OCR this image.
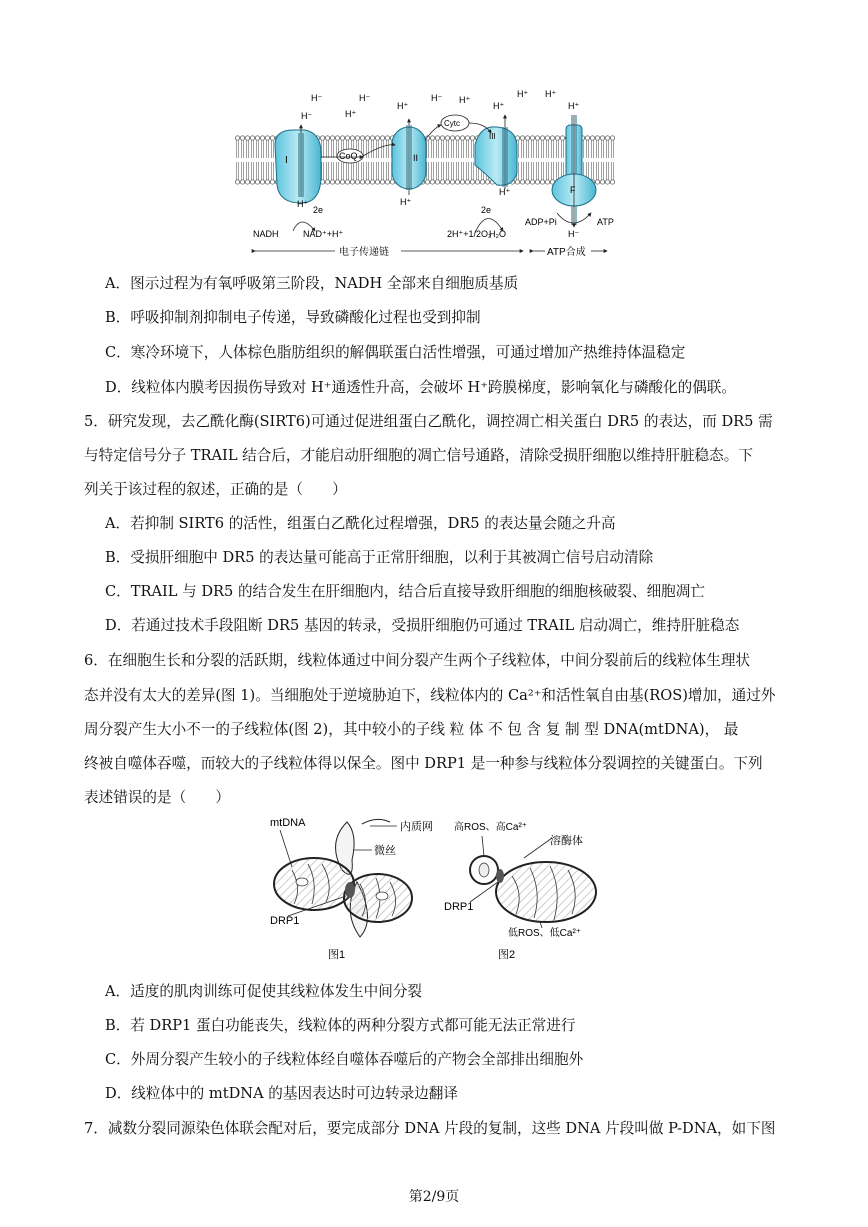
I	CoQ	II
Cytc
III
F
H⁻	H⁻
H⁺
H⁻
H⁺
H⁻ H⁺
H⁺
H⁺ H⁺
H⁺
H⁺	H⁺
H⁺
H⁻
2e	2e
NADH	NAD⁺+H⁺	2H⁺+1/2O₂
H₂O
ADP+Pi	ATP
电子传递链	ATP合成
A．图示过程为有氧呼吸第三阶段，NADH 全部来自细胞质基质
B．呼吸抑制剂抑制电子传递，导致磷酸化过程也受到抑制
C．寒冷环境下，人体棕色脂肪组织的解偶联蛋白活性增强，可通过增加产热维持体温稳定
D．线粒体内膜考因损伤导致对 H⁺通透性升高，会破坏 H⁺跨膜梯度，影响氧化与磷酸化的偶联。
5．研究发现，去乙酰化酶(SIRT6)可通过促进组蛋白乙酰化，调控凋亡相关蛋白 DR5 的表达，而 DR5 需
与特定信号分子 TRAIL 结合后，才能启动肝细胞的凋亡信号通路，清除受损肝细胞以维持肝脏稳态。下
列关于该过程的叙述，正确的是（　　）
A．若抑制 SIRT6 的活性，组蛋白乙酰化过程增强，DR5 的表达量会随之升高
B．受损肝细胞中 DR5 的表达量可能高于正常肝细胞，以利于其被凋亡信号启动清除
C．TRAIL 与 DR5 的结合发生在肝细胞内，结合后直接导致肝细胞的细胞核破裂、细胞凋亡
D．若通过技术手段阻断 DR5 基因的转录，受损肝细胞仍可通过 TRAIL 启动凋亡，维持肝脏稳态
6．在细胞生长和分裂的活跃期，线粒体通过中间分裂产生两个子线粒体，中间分裂前后的线粒体生理状
态并没有太大的差异(图 1)。当细胞处于逆境胁迫下，线粒体内的 Ca²⁺和活性氧自由基(ROS)增加，通过外
周分裂产生大小不一的子线粒体(图 2)，其中较小的子线 粒 体 不 包 含 复 制 型 DNA(mtDNA)， 最
终被自噬体吞噬，而较大的子线粒体得以保全。图中 DRP1 是一种参与线粒体分裂调控的关键蛋白。下列
表述错误的是（　　）
mtDNA	内质网
微丝
DRP1
图1
高ROS、高Ca²⁺
溶酶体
DRP1
低ROS、低Ca²⁺
图2
A．适度的肌肉训练可促使其线粒体发生中间分裂
B．若 DRP1 蛋白功能丧失，线粒体的两种分裂方式都可能无法正常进行
C．外周分裂产生较小的子线粒体经自噬体吞噬后的产物会全部排出细胞外
D．线粒体中的 mtDNA 的基因表达时可边转录边翻译
7．减数分裂同源染色体联会配对后，要完成部分 DNA 片段的复制，这些 DNA 片段叫做 P-DNA，如下图
第2/9页
